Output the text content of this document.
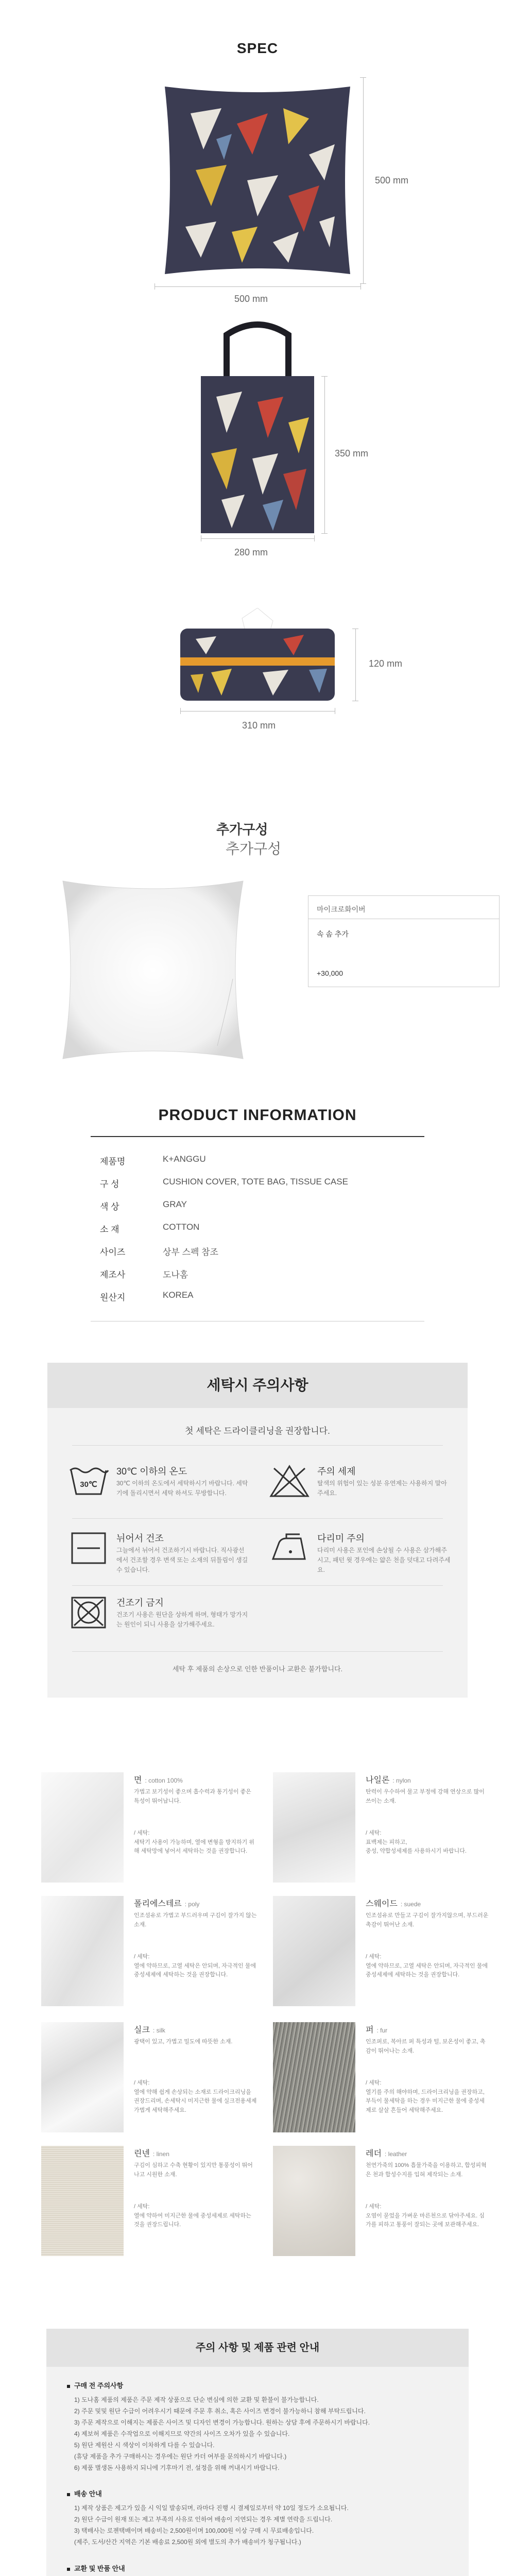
SPEC
500 mm
500 mm
350 mm
280 mm
120 mm
310 mm
추가구성
추가구성
마이크로화이버
속 솜 추가
+30,000
PRODUCT INFORMATION
제품명	K+ANGGU
구 성	CUSHION COVER, TOTE BAG, TISSUE CASE
색 상	GRAY
소 재	COTTON
사이즈	상부 스펙 참조
제조사	도나홈
원산지	KOREA
세탁시 주의사항
첫 세탁은 드라이클리닝을 권장합니다.
30℃
30℃ 이하의 온도
30℃ 이하의 온도에서 세탁하시기 바랍니다. 세탁기에 돌리시면서 세탁 하셔도 무방합니다.
주의 세제
탈색의 위험이 있는 성분 유연제는 사용하지 말아주세요.
뉘어서 건조
그늘에서 뉘어서 건조하기시 바랍니다. 직사광선에서 건조할 경우 변색 또는 소재의 뒤틀림이 생길 수 있습니다.
다리미 주의
다리미 사용은 포인에 손상될 수 사용은 삼가해주시고, 패턴 윗 경우에는 얇은 천을 덧대고 다려주세요.
건조기 금지
건조기 사용은 원단을 상하게 하며, 형태가 망가지는 원인이 되니 사용을 삼가해주세요.
세탁 후 제품의 손상으로 인한 반품이나 교환은 불가합니다.
면 : cotton 100%
가볍고 보기성이 좋으며 흡수력과 통기성이 좋은 특성이 뛰어납니다.
/ 세탁:
세탁기 사용이 가능하며, 열에 변형을 방지하기 위해 세탁망에 넣어서 세탁하는 것을 권장합니다.
나일론 : nylon
탄력이 우수하여 물고 부정에 강해 연상으로 많이 쓰이는 소재.
/ 세탁:
표백제는 피하고,
중성, 약합성세제를 사용하시기 바랍니다.
폴리에스테르 : poly
인조섬유로 가볍고 부드러우며 구김이 잘가지 않는 소재.
/ 세탁:
열에 약하므로, 고열 세탁은 안되며, 자극적인 물에 중성세제에 세탁하는 것을 권장합니다.
스웨이드 : suede
인조섬유로 만들고 구김이 잘가지않으며, 부드러운 촉감이 뛰어난 소재.
/ 세탁:
열에 약하므로, 고열 세탁은 안되며, 자극적인 물에 중성세제에 세탁하는 것을 권장합니다.
실크 : silk
광택이 있고, 가볍고 밀도에 따뜻한 소재.
/ 세탁:
열에 약해 쉽게 손상되는 소재로 드라이크리닝을 권장드리며, 손세탁시 미지근한 물에 실크전용세제 가볍게 세탁해주세요.
퍼 : fur
인조퍼로, 복아르 퍼 특성과 털, 보온성이 좋고, 촉감이 뛰어나는 소재.
/ 세탁:
열기를 주의 해야하며, 드라이크리닝을 권장하고, 부득이 물세탁을 하는 경우 미지근한 물에 중성세제로 살살 흔들어 세탁해주세요.
린넨 : linen
구김이 심하고 수축 현황이 있지만 통풍성이 뛰어나고 시원한 소재.
/ 세탁:
열에 약하여 미지근한 물에 중성세제로 세탁하는 것을 권장드립니다.
레더 : leather
천연가죽의 100% 흡물가죽을 이용하고, 합성피혁은 천과 합성수지를 입혀 제작되는 소재.
/ 세탁:
오염이 묻었을 가벼운 마른천으로 닦아주세요. 심가를 피하고 통풍이 잘되는 곳에 보관해주세요.
주의 사항 및 제품 관련 안내
구매 전 주의사항
1) 도나홈 제품의 제품은 주문 제작 상품으로 단순 변심에 의한 교환 및 환불이 불가능합니다.
2) 주문 및및 원단 수급이 어려우시기 때문에 주문 후 취소, 혹은 사이즈 변경이 불가능하니 참해 부탁드립니다.
3) 주문 제작으로 이해지는 제품은 사이즈 및 디자인 변경이 가능합니다. 원하는 상담 후에 주문하시기 바랍니다.
4) 제보허 제품은 수작업으로 이해지므로 약간의 사이즈 오차가 있을 수 있습니다.
5) 원단 제원산 시 색상이 이차하게 다를 수 있습니다.
(휴당 제품을 추가 구매하시는 경우에는 원단 카더 여부를 문의하시기 바랍니다.)
6) 제품 별생돈 사용하지 되니에 기후마기 전, 설정을 위해 꺼내시기 바랍니다.
배송 안내
1) 제작 상품은 제고가 있을 시 익일 발송되며, 라마다 진행 시 결제일로부터 약 10일 정도가 소요됩니다.
2) 원단 수급이 원재 또는 제고 부족의 사유로 인하여 배송이 지연되는 경우 제별 연락을 드립니다.
3) 택배사는 로젠택배이며 배송비는 2,500원이며 100,000원 이상 구매 시 무료배송입니다.
(제주, 도서/산간 지역은 기본 배송료 2,500원 외에 별도의 추가 배송비가 청구됩니다.)
교환 및 반품 안내
